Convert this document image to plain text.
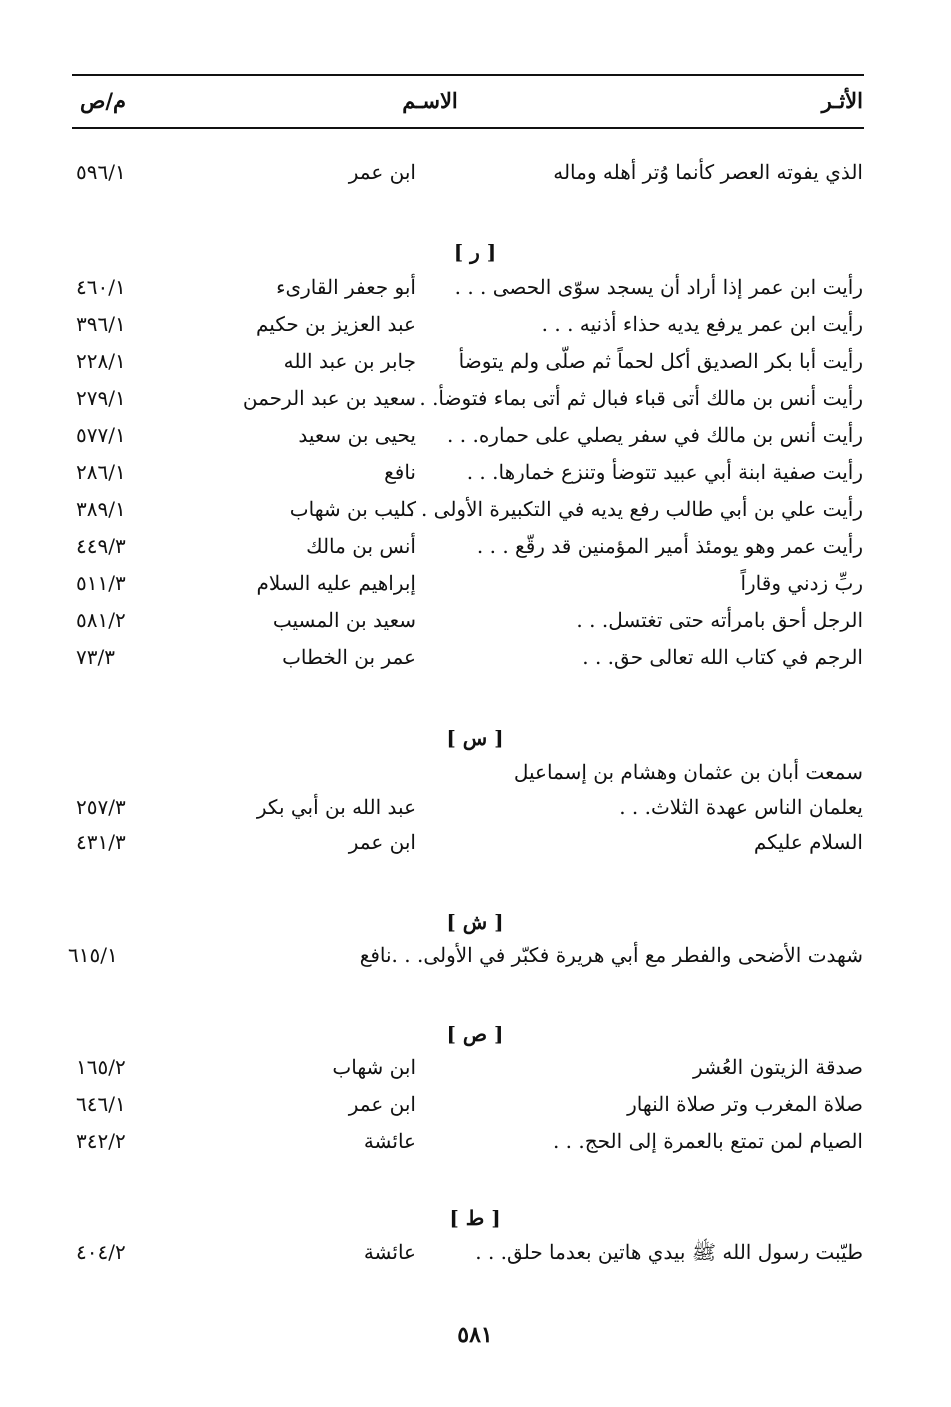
الأثـر
الاسـم
م/ص
الذي يفوته العصر كأنما وُتر أهله وماله
ابن عمر
٥٩٦/١
[ ر ]
رأيت ابن عمر إذا أراد أن يسجد سوّى الحصى . . .
أبو جعفر القارىء
٤٦٠/١
رأيت ابن عمر يرفع يديه حذاء أذنيه . . .
عبد العزيز بن حكيم
٣٩٦/١
رأيت أبا بكر الصديق أكل لحماً ثم صلّى ولم يتوضأ
جابر بن عبد الله
٢٢٨/١
رأيت أنس بن مالك أتى قباء فبال ثم أتى بماء فتوضأ. . .
سعيد بن عبد الرحمن
٢٧٩/١
رأيت أنس بن مالك في سفر يصلي على حماره. . .
يحيى بن سعيد
٥٧٧/١
رأيت صفية ابنة أبي عبيد تتوضأ وتنزع خمارها. . .
نافع
٢٨٦/١
رأيت علي بن أبي طالب رفع يديه في التكبيرة الأولى . . .
كليب بن شهاب
٣٨٩/١
رأيت عمر وهو يومئذ أمير المؤمنين قد رقّع . . .
أنس بن مالك
٤٤٩/٣
ربِّ زدني وقاراً
إبراهيم عليه السلام
٥١١/٣
الرجل أحق بامرأته حتى تغتسل. . .
سعيد بن المسيب
٥٨١/٢
الرجم في كتاب الله تعالى حق. . .
عمر بن الخطاب
٧٣/٣
[ س ]
سمعت أبان بن عثمان وهشام بن إسماعيل
يعلمان الناس عهدة الثلاث. . .
عبد الله بن أبي بكر
٢٥٧/٣
السلام عليكم
ابن عمر
٤٣١/٣
[ ش ]
شهدت الأضحى والفطر مع أبي هريرة فكبّر في الأولى. . .نافع
٦١٥/١
[ ص ]
صدقة الزيتون العُشر
ابن شهاب
١٦٥/٢
صلاة المغرب وتر صلاة النهار
ابن عمر
٦٤٦/١
الصيام لمن تمتع بالعمرة إلى الحج. . .
عائشة
٣٤٢/٢
[ ط ]
طيّبت رسول الله ﷺ بيدي هاتين بعدما حلق. . .
عائشة
٤٠٤/٢
٥٨١
